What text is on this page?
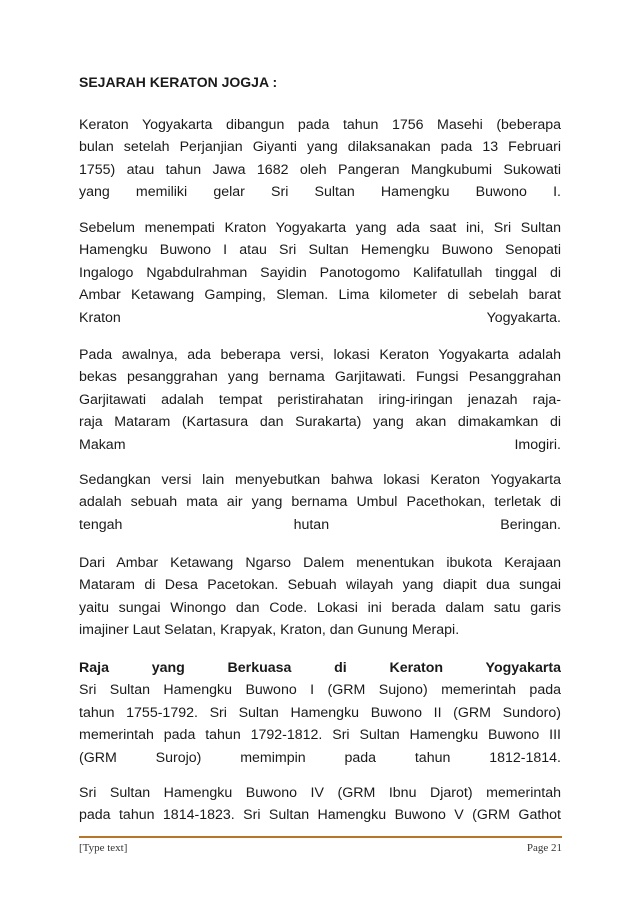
SEJARAH KERATON JOGJA :
Keraton Yogyakarta dibangun pada tahun 1756 Masehi (beberapa
bulan setelah Perjanjian Giyanti yang dilaksanakan pada 13 Februari
1755) atau tahun Jawa 1682 oleh Pangeran Mangkubumi Sukowati
yang memiliki gelar Sri Sultan Hamengku Buwono I.
Sebelum menempati Kraton Yogyakarta yang ada saat ini, Sri Sultan
Hamengku Buwono I atau Sri Sultan Hemengku Buwono Senopati
Ingalogo Ngabdulrahman Sayidin Panotogomo Kalifatullah tinggal di
Ambar Ketawang Gamping, Sleman. Lima kilometer di sebelah barat
Kraton Yogyakarta.
Pada awalnya, ada beberapa versi, lokasi Keraton Yogyakarta adalah
bekas pesanggrahan yang bernama Garjitawati. Fungsi Pesanggrahan
Garjitawati adalah tempat peristirahatan iring-iringan jenazah raja-
raja Mataram (Kartasura dan Surakarta) yang akan dimakamkan di
Makam Imogiri.
Sedangkan versi lain menyebutkan bahwa lokasi Keraton Yogyakarta
adalah sebuah mata air yang bernama Umbul Pacethokan, terletak di
tengah hutan Beringan.
Dari Ambar Ketawang Ngarso Dalem menentukan ibukota Kerajaan
Mataram di Desa Pacetokan. Sebuah wilayah yang diapit dua sungai
yaitu sungai Winongo dan Code. Lokasi ini berada dalam satu garis
imajiner Laut Selatan, Krapyak, Kraton, dan Gunung Merapi.
Raja yang Berkuasa di Keraton Yogyakarta
Sri Sultan Hamengku Buwono I (GRM Sujono) memerintah pada
tahun 1755-1792. Sri Sultan Hamengku Buwono II (GRM Sundoro)
memerintah pada tahun 1792-1812. Sri Sultan Hamengku Buwono III
(GRM Surojo) memimpin pada tahun 1812-1814.
Sri Sultan Hamengku Buwono IV (GRM Ibnu Djarot) memerintah
pada tahun 1814-1823. Sri Sultan Hamengku Buwono V (GRM Gathot
[Type text]	Page 21
